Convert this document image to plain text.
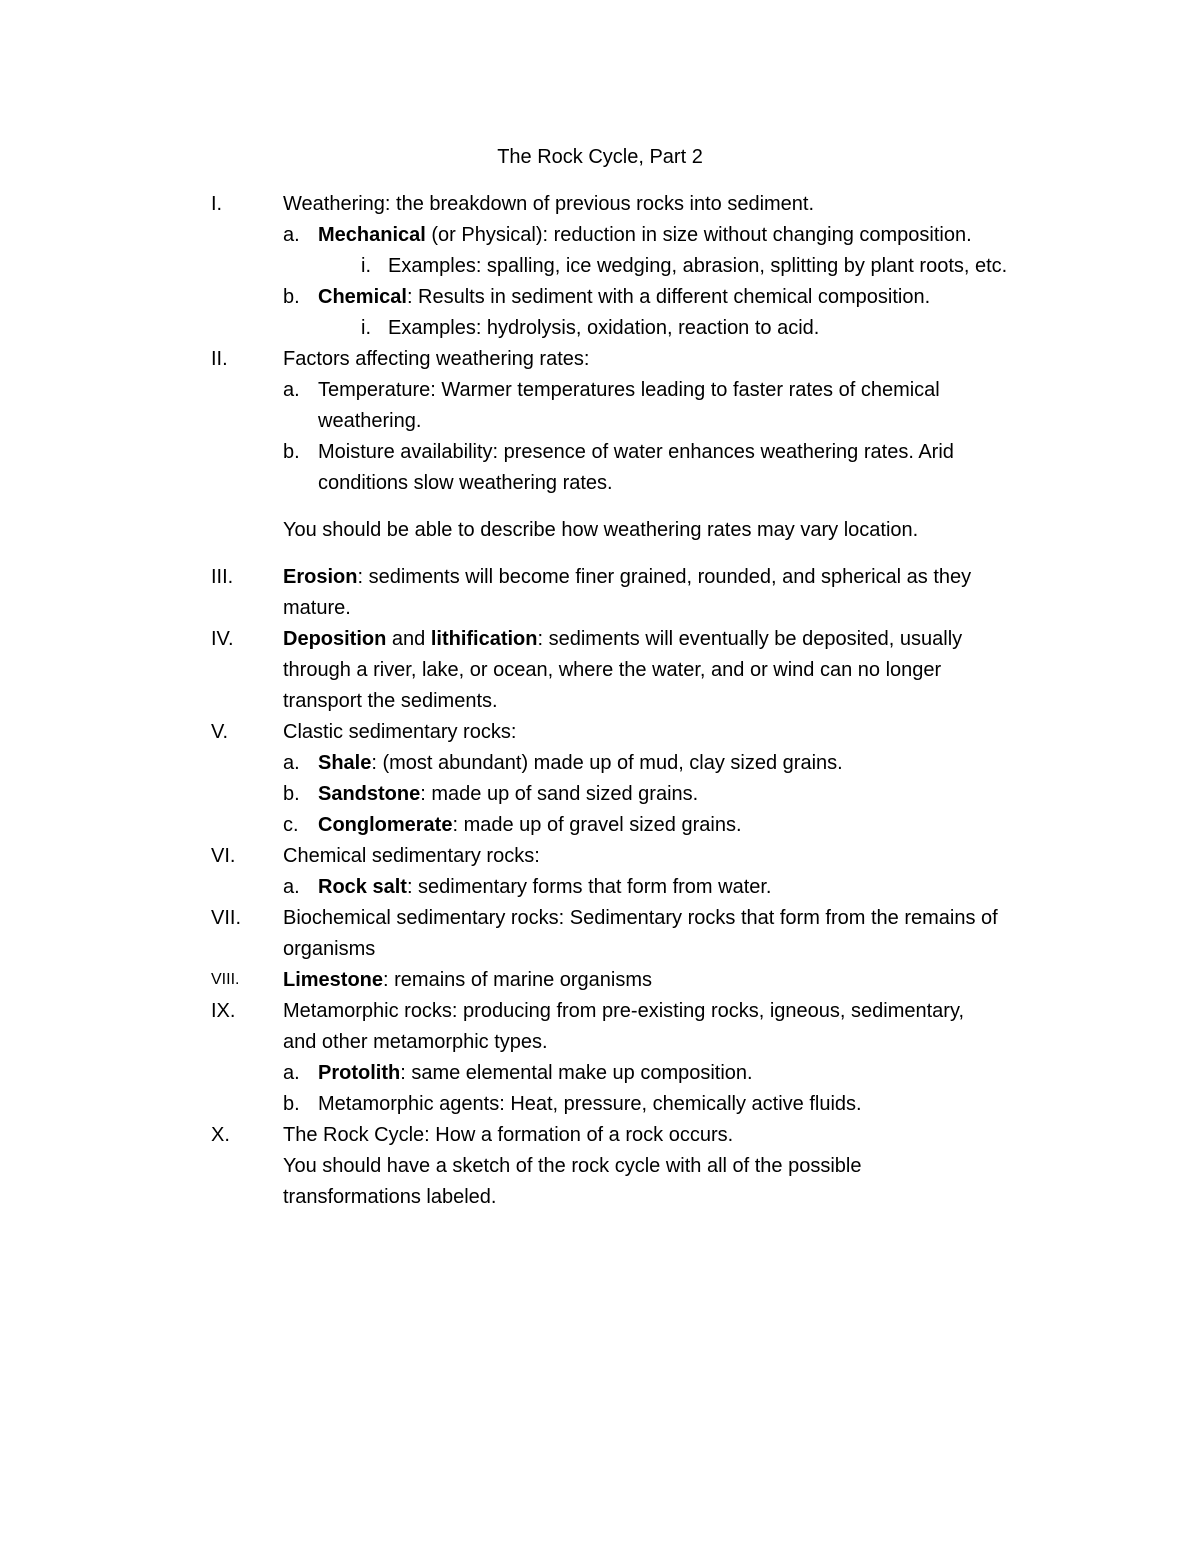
The Rock Cycle, Part 2
I.	Weathering: the breakdown of previous rocks into sediment.
a. Mechanical (or Physical): reduction in size without changing composition.
i. Examples: spalling, ice wedging, abrasion, splitting by plant roots, etc.
b. Chemical: Results in sediment with a different chemical composition.
i. Examples: hydrolysis, oxidation, reaction to acid.
II.	Factors affecting weathering rates:
a. Temperature: Warmer temperatures leading to faster rates of chemical
weathering.
b. Moisture availability: presence of water enhances weathering rates. Arid
conditions slow weathering rates.
You should be able to describe how weathering rates may vary location.
III. Erosion: sediments will become finer grained, rounded, and spherical as they
mature.
IV. Deposition and lithification: sediments will eventually be deposited, usually
through a river, lake, or ocean, where the water, and or wind can no longer
transport the sediments.
V.	Clastic sedimentary rocks:
a. Shale: (most abundant) made up of mud, clay sized grains.
b. Sandstone: made up of sand sized grains.
c. Conglomerate: made up of gravel sized grains.
VI. Chemical sedimentary rocks:
a. Rock salt: sedimentary forms that form from water.
VII. Biochemical sedimentary rocks: Sedimentary rocks that form from the remains of
organisms
VIII. Limestone: remains of marine organisms
IX. Metamorphic rocks: producing from pre-existing rocks, igneous, sedimentary,
and other metamorphic types.
a. Protolith: same elemental make up composition.
b. Metamorphic agents: Heat, pressure, chemically active fluids.
X.	The Rock Cycle: How a formation of a rock occurs.
You should have a sketch of the rock cycle with all of the possible
transformations labeled.
